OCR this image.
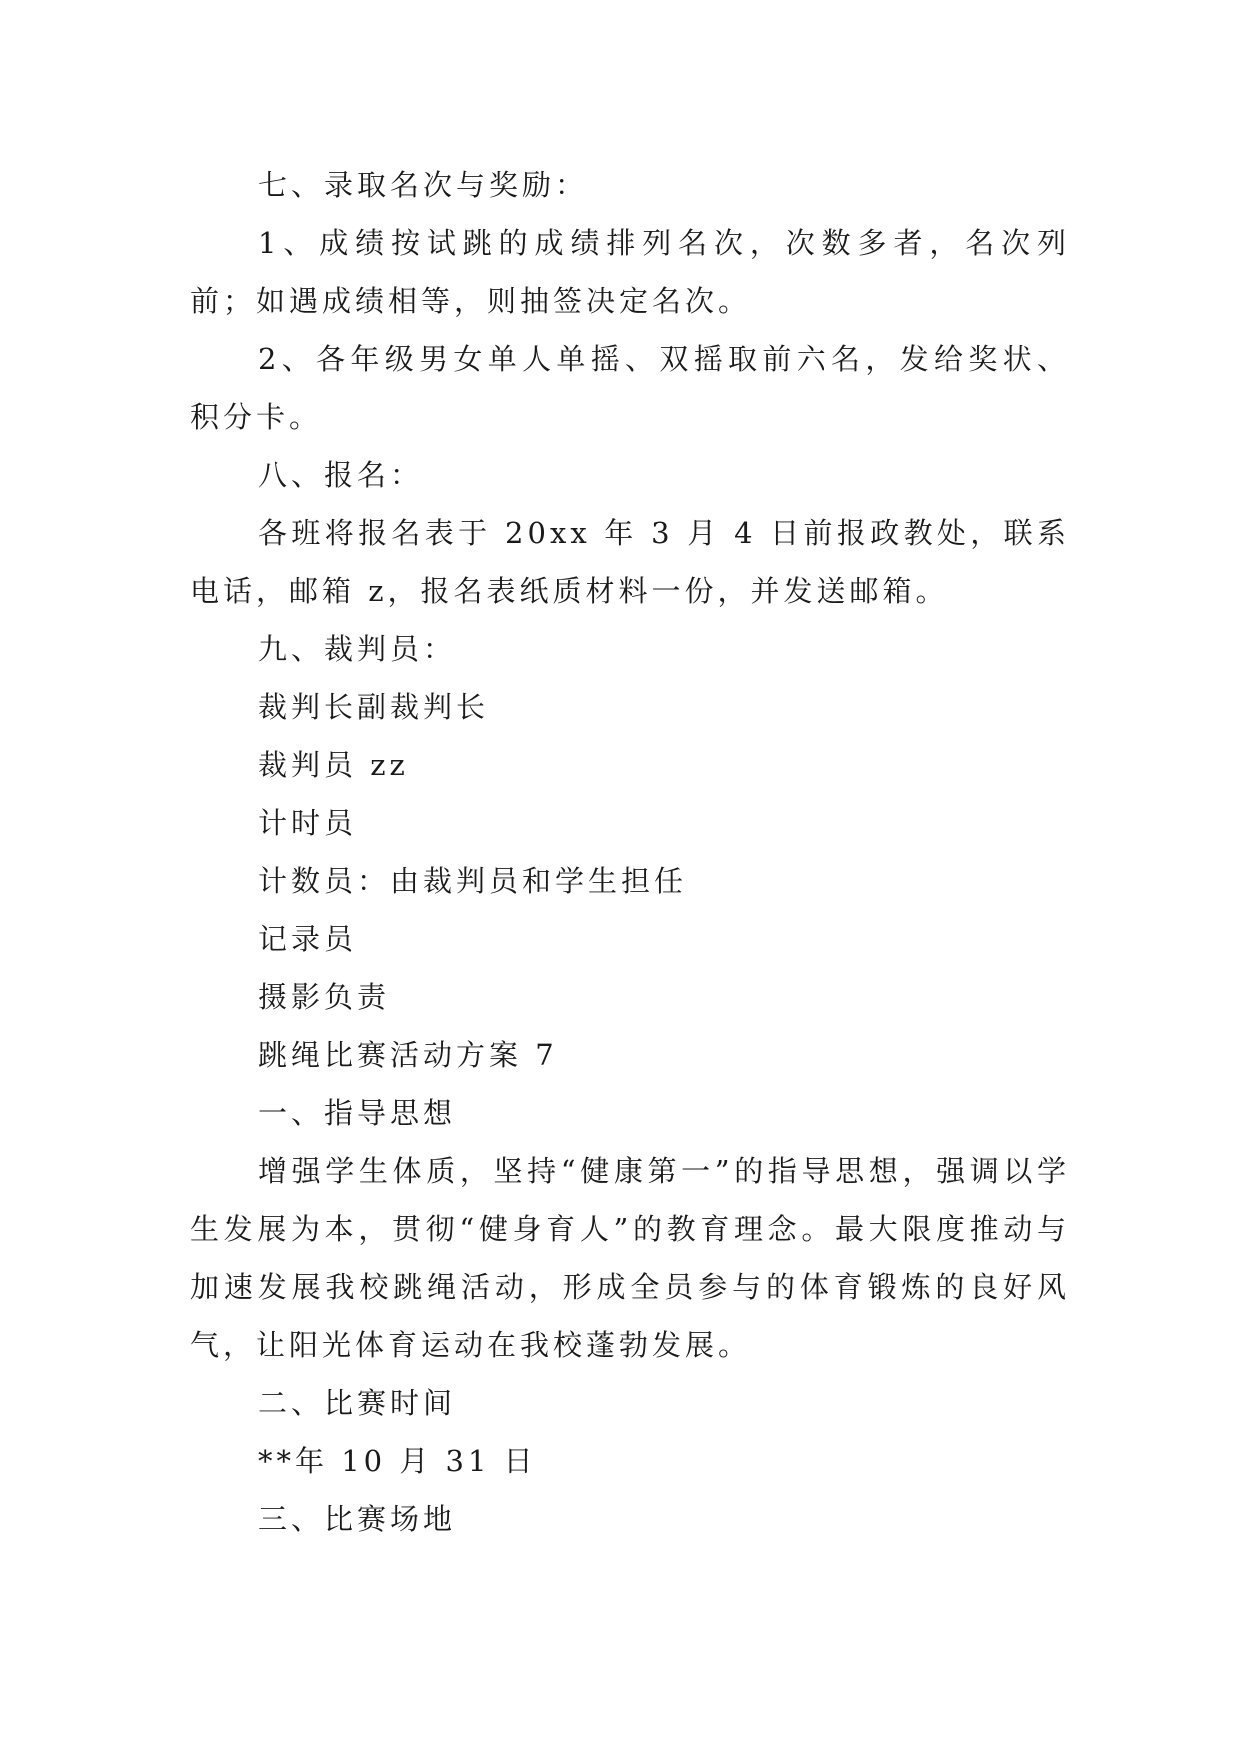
七、录取名次与奖励：

1、成绩按试跳的成绩排列名次，次数多者，名次列前；如遇成绩相等，则抽签决定名次。

2、各年级男女单人单摇、双摇取前六名，发给奖状、积分卡。

八、报名：

各班将报名表于 20xx 年 3 月 4 日前报政教处，联系电话，邮箱 z，报名表纸质材料一份，并发送邮箱。

九、裁判员：

裁判长副裁判长

裁判员 zz

计时员

计数员：由裁判员和学生担任

记录员

摄影负责

跳绳比赛活动方案 7

一、指导思想

增强学生体质，坚持“健康第一”的指导思想，强调以学生发展为本，贯彻“健身育人”的教育理念。最大限度推动与加速发展我校跳绳活动，形成全员参与的体育锻炼的良好风气，让阳光体育运动在我校蓬勃发展。

二、比赛时间

**年 10 月 31 日

三、比赛场地
